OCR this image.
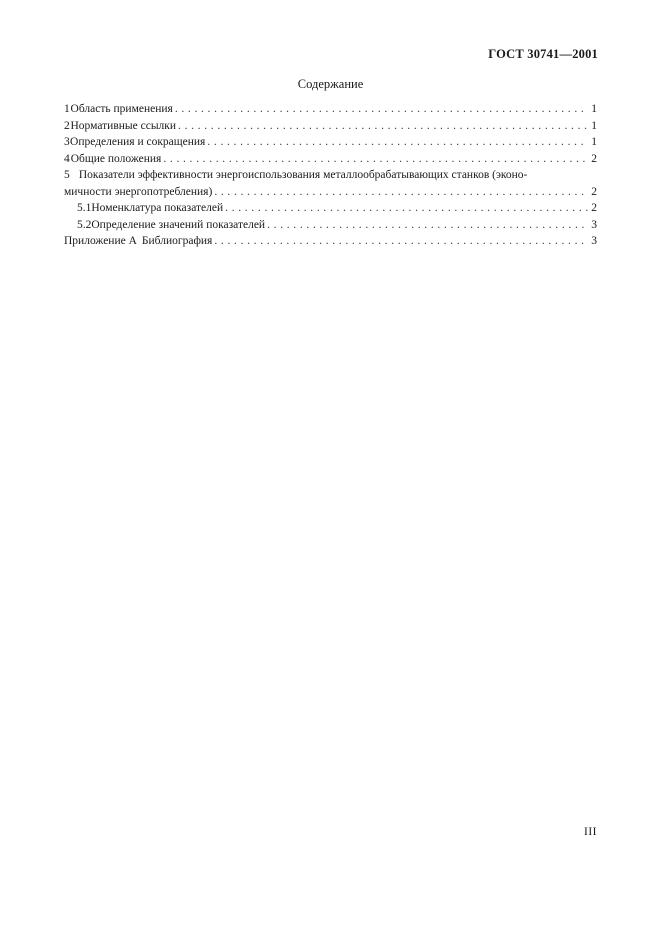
ГОСТ 30741—2001
Содержание
1 Область применения . . .	1
2 Нормативные ссылки . . .	1
3 Определения и сокращения . . .	1
4 Общие положения . . .	2
5 Показатели эффективности энергоиспользования металлообрабатывающих станков (эконо-
мичности энергопотребления) . . .	2
5.1 Номенклатура показателей . . .	2
5.2 Определение значений показателей . . .	3
Приложение А Библиография . . .	3
III
